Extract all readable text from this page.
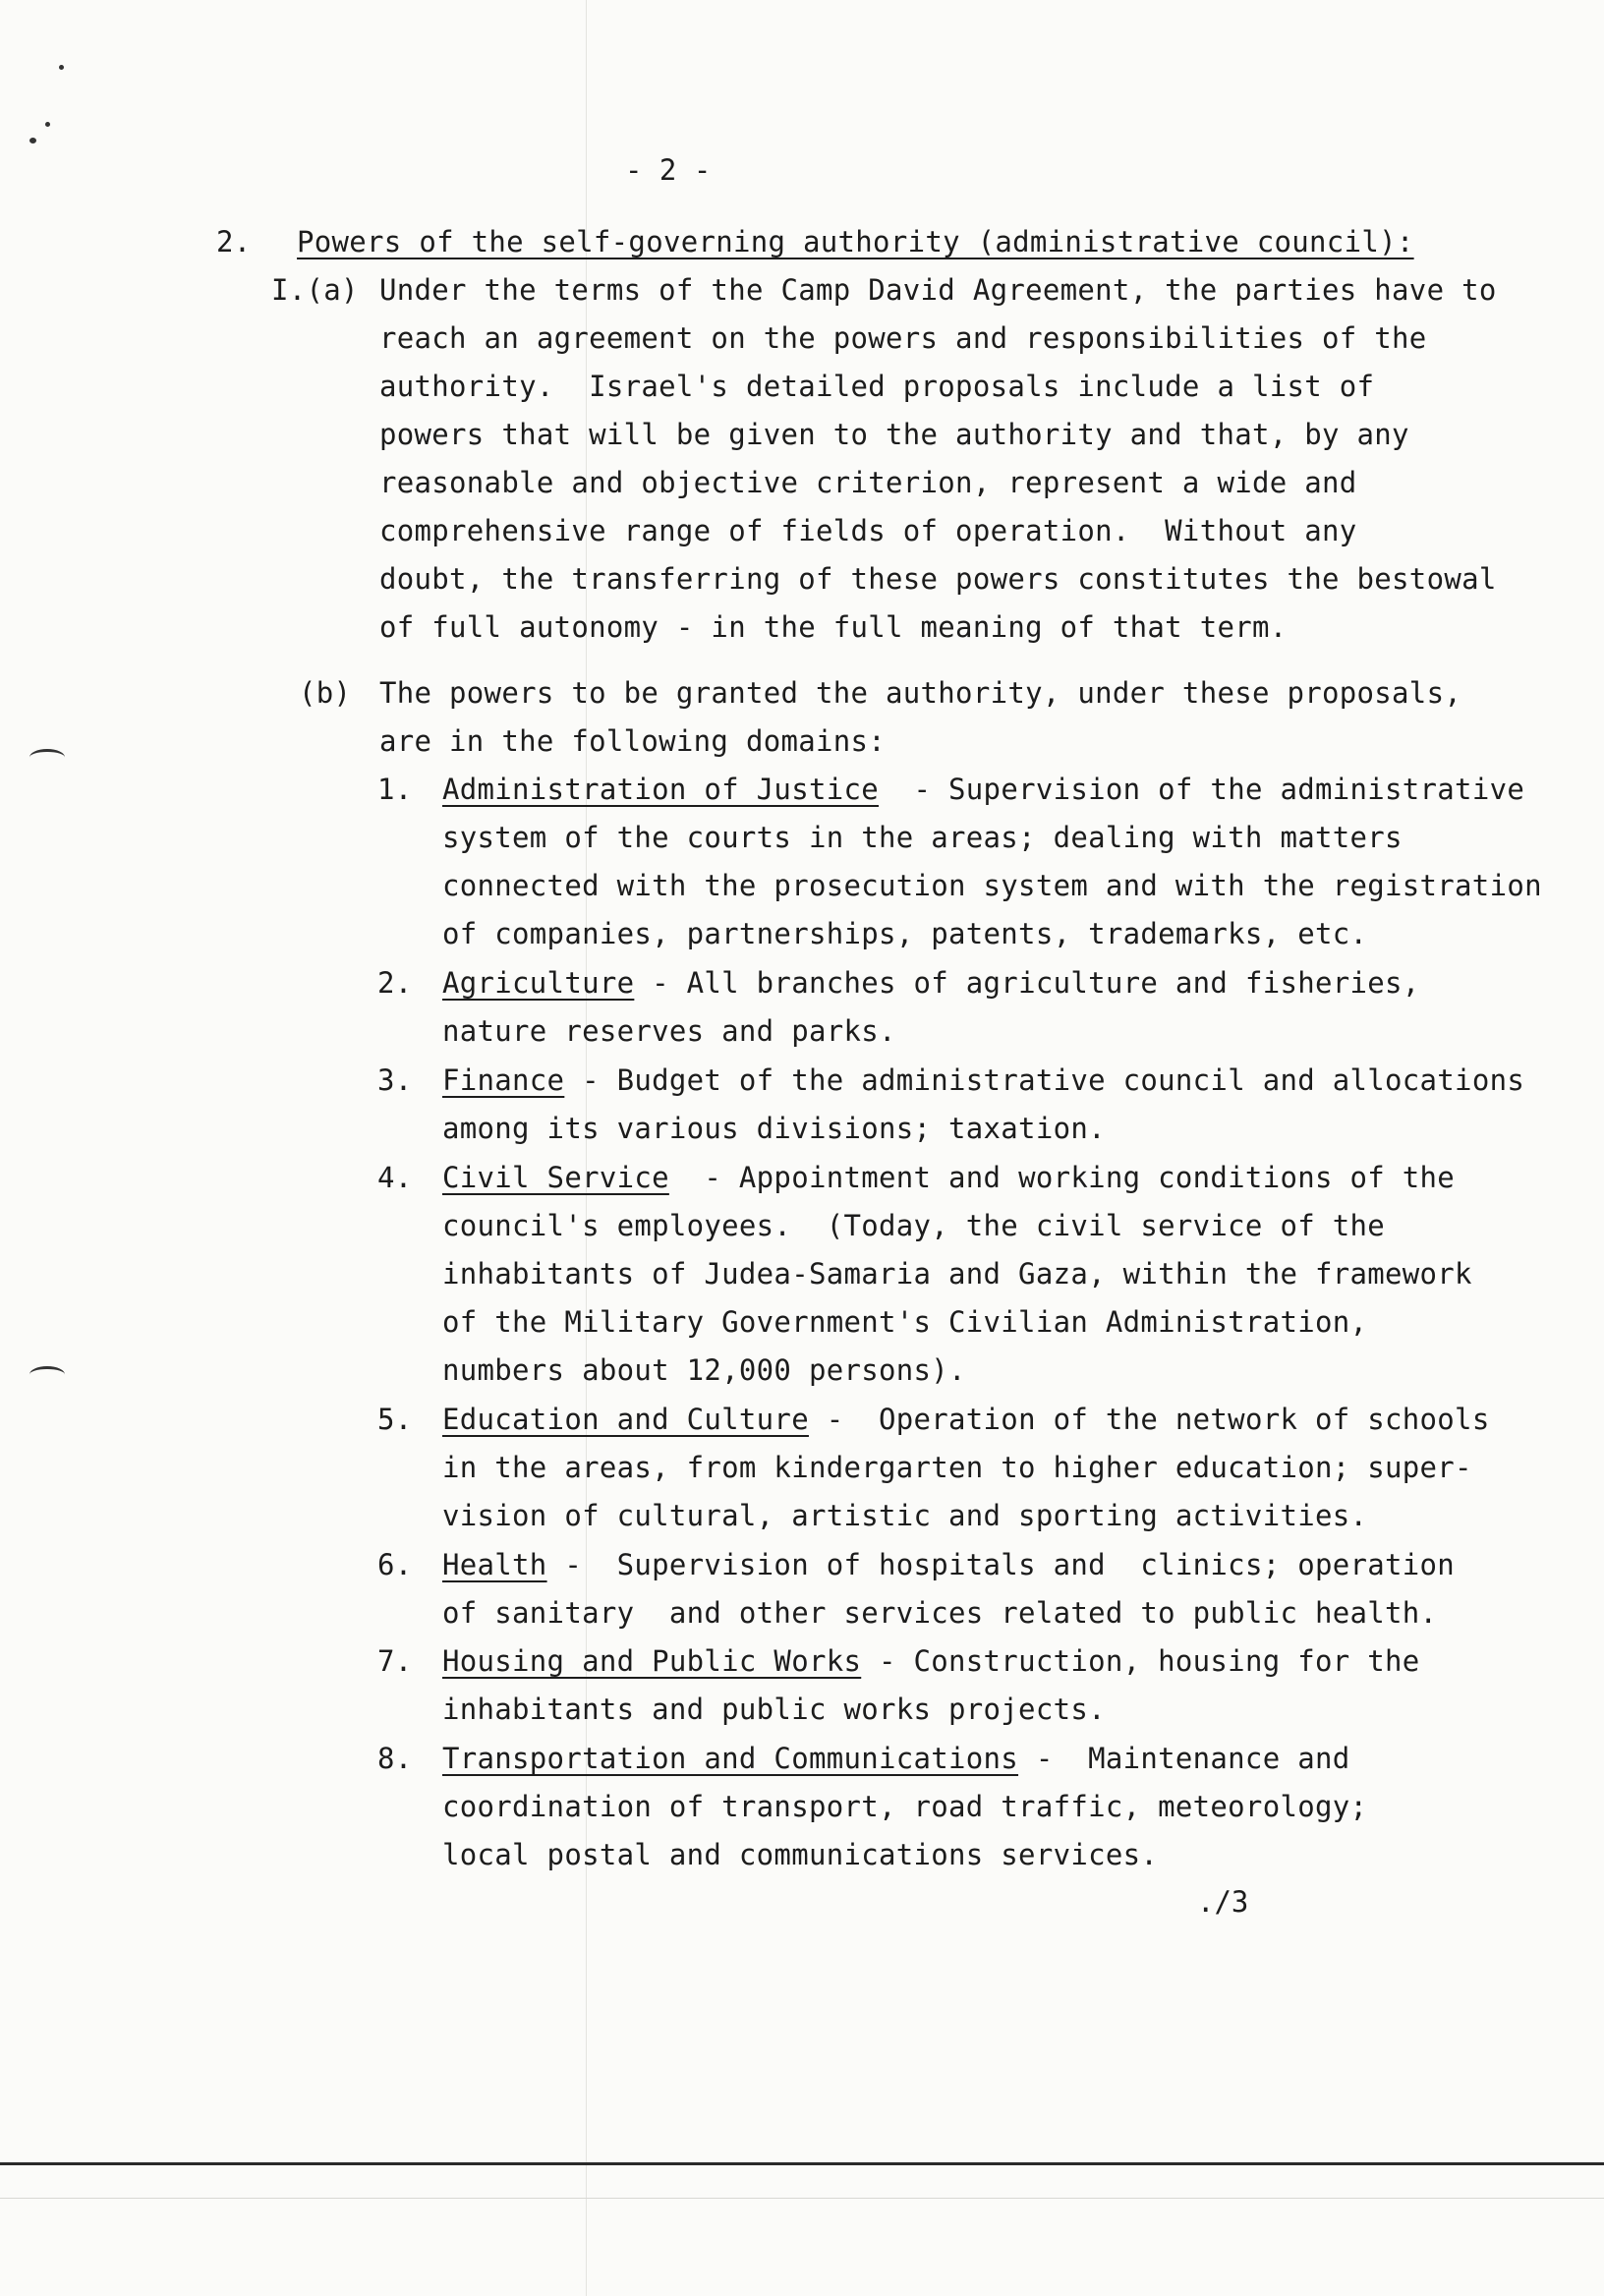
- 2 -
2. Powers of the self-governing authority (administrative council):
I.(a) Under the terms of the Camp David Agreement, the parties have to
reach an agreement on the powers and responsibilities of the
authority.  Israel's detailed proposals include a list of
powers that will be given to the authority and that, by any
reasonable and objective criterion, represent a wide and
comprehensive range of fields of operation.  Without any
doubt, the transferring of these powers constitutes the bestowal
of full autonomy - in the full meaning of that term.
(b) The powers to be granted the authority, under these proposals,
are in the following domains:
1. Administration of Justice  - Supervision of the administrative
system of the courts in the areas; dealing with matters
connected with the prosecution system and with the registration
of companies, partnerships, patents, trademarks, etc.
2. Agriculture - All branches of agriculture and fisheries,
nature reserves and parks.
3. Finance - Budget of the administrative council and allocations
among its various divisions; taxation.
4. Civil Service  - Appointment and working conditions of the
council's employees.  (Today, the civil service of the
inhabitants of Judea-Samaria and Gaza, within the framework
of the Military Government's Civilian Administration,
numbers about 12,000 persons).
5. Education and Culture -  Operation of the network of schools
in the areas, from kindergarten to higher education; super-
vision of cultural, artistic and sporting activities.
6. Health -  Supervision of hospitals and  clinics; operation
of sanitary  and other services related to public health.
7. Housing and Public Works - Construction, housing for the
inhabitants and public works projects.
8. Transportation and Communications -  Maintenance and
coordination of transport, road traffic, meteorology;
local postal and communications services.
./3
